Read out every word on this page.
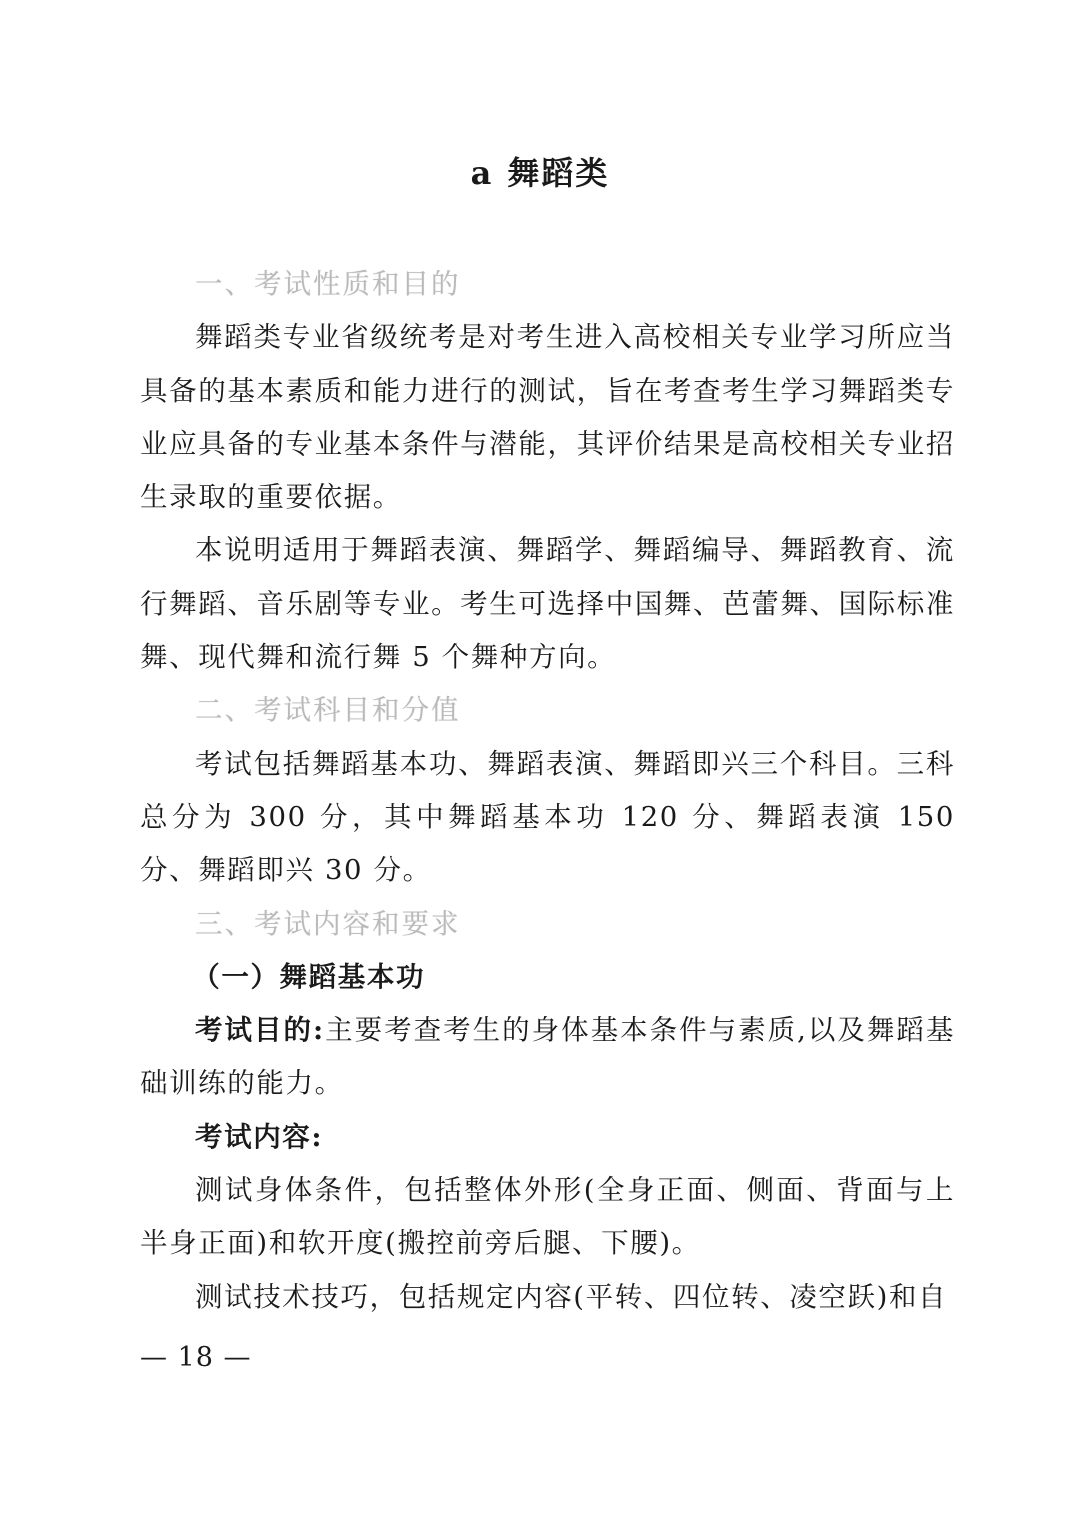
a 舞蹈类

一、考试性质和目的

舞蹈类专业省级统考是对考生进入高校相关专业学习所应当具备的基本素质和能力进行的测试，旨在考查考生学习舞蹈类专业应具备的专业基本条件与潜能，其评价结果是高校相关专业招生录取的重要依据。

本说明适用于舞蹈表演、舞蹈学、舞蹈编导、舞蹈教育、流行舞蹈、音乐剧等专业。考生可选择中国舞、芭蕾舞、国际标准舞、现代舞和流行舞 5 个舞种方向。

二、考试科目和分值

考试包括舞蹈基本功、舞蹈表演、舞蹈即兴三个科目。三科总分为 300 分，其中舞蹈基本功 120 分、舞蹈表演 150 分、舞蹈即兴 30 分。

三、考试内容和要求

（一）舞蹈基本功

考试目的:主要考查考生的身体基本条件与素质,以及舞蹈基础训练的能力。

考试内容:

测试身体条件，包括整体外形(全身正面、侧面、背面与上半身正面)和软开度(搬控前旁后腿、下腰)。

测试技术技巧，包括规定内容(平转、四位转、凌空跃)和自

— 18 —
